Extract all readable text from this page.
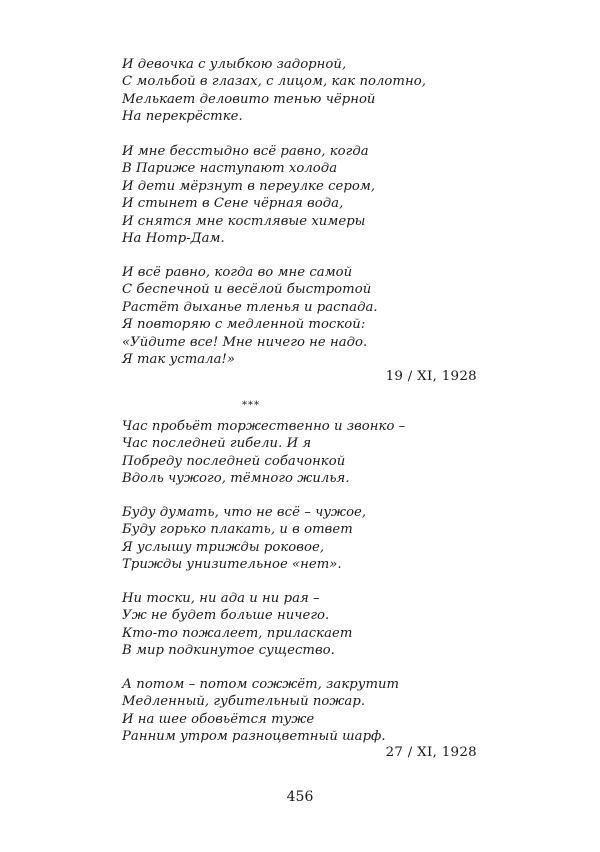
И девочка с улыбкою задорной,
С мольбой в глазах, с лицом, как полотно,
Мелькает деловито тенью чёрной
На перекрёстке.
И мне бесстыдно всё равно, когда
В Париже наступают холода
И дети мёрзнут в переулке сером,
И стынет в Сене чёрная вода,
И снятся мне костлявые химеры
На Нотр-Дам.
И всё равно, когда во мне самой
С беспечной и весёлой быстротой
Растёт дыханье тленья и распада.
Я повторяю с медленной тоской:
«Уйдите все! Мне ничего не надо.
Я так устала!»
19 / XI, 1928
***
Час пробьёт торжественно и звонко –
Час последней гибели. И я
Побреду последней собачонкой
Вдоль чужого, тёмного жилья.
Буду думать, что не всё – чужое,
Буду горько плакать, и в ответ
Я услышу трижды роковое,
Трижды унизительное «нет».
Ни тоски, ни ада и ни рая –
Уж не будет больше ничего.
Кто-то пожалеет, приласкает
В мир подкинутое существо.
А потом – потом сожжёт, закрутит
Медленный, губительный пожар.
И на шее обовьётся туже
Ранним утром разноцветный шарф.
27 / XI, 1928
456
